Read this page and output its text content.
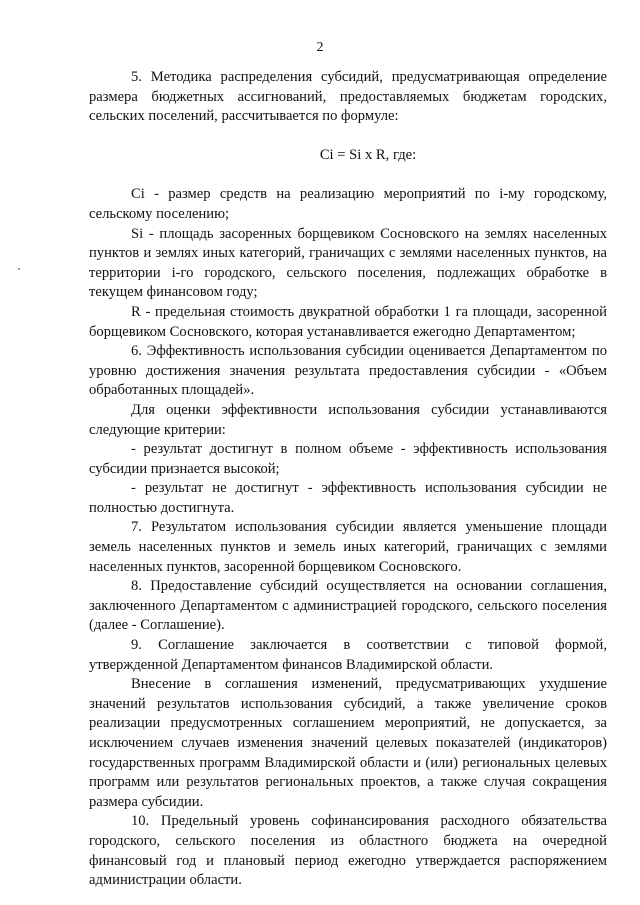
2

5. Методика распределения субсидий, предусматривающая определение размера бюджетных ассигнований, предоставляемых бюджетам городских, сельских поселений, рассчитывается по формуле:

Ci = Si x R, где:

Ci - размер средств на реализацию мероприятий по i-му городскому, сельскому поселению;

Si - площадь засоренных борщевиком Сосновского на землях населенных пунктов и землях иных категорий, граничащих с землями населенных пунктов, на территории i-го городского, сельского поселения, подлежащих обработке в текущем финансовом году;

R - предельная стоимость двукратной обработки 1 га площади, засоренной борщевиком Сосновского, которая устанавливается ежегодно Департаментом;

6. Эффективность использования субсидии оценивается Департаментом по уровню достижения значения результата предоставления субсидии - «Объем обработанных площадей».

Для оценки эффективности использования субсидии устанавливаются следующие критерии:

- результат достигнут в полном объеме - эффективность использования субсидии признается высокой;

- результат не достигнут - эффективность использования субсидии не полностью достигнута.

7. Результатом использования субсидии является уменьшение площади земель населенных пунктов и земель иных категорий, граничащих с землями населенных пунктов, засоренной борщевиком Сосновского.

8. Предоставление субсидий осуществляется на основании соглашения, заключенного Департаментом с администрацией городского, сельского поселения (далее - Соглашение).

9. Соглашение заключается в соответствии с типовой формой, утвержденной Департаментом финансов Владимирской области.

Внесение в соглашения изменений, предусматривающих ухудшение значений результатов использования субсидий, а также увеличение сроков реализации предусмотренных соглашением мероприятий, не допускается, за исключением случаев изменения значений целевых показателей (индикаторов) государственных программ Владимирской области и (или) региональных целевых программ или результатов региональных проектов, а также случая сокращения размера субсидии.

10. Предельный уровень софинансирования расходного обязательства городского, сельского поселения из областного бюджета на очередной финансовый год и плановый период ежегодно утверждается распоряжением администрации области.
